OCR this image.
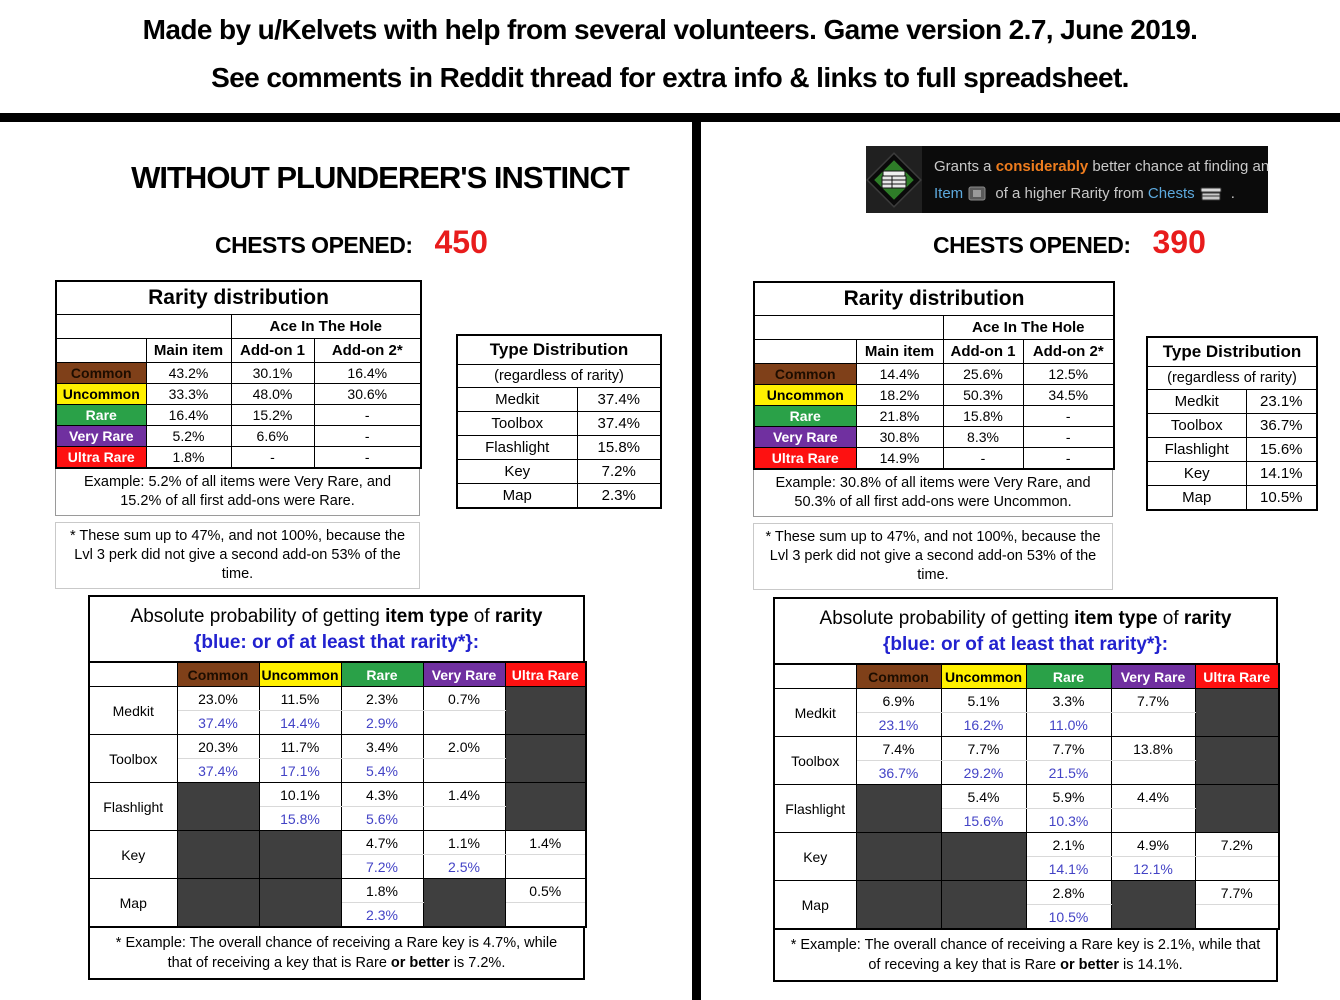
Made by u/Kelvets with help from several volunteers. Game version 2.7, June 2019.
See comments in Reddit thread for extra info & links to full spreadsheet.
WITHOUT PLUNDERER'S INSTINCT
CHESTS OPENED: 450
Rarity distribution			
		Ace In The Hole	
	Main item	Add-on 1	Add-on 2*
Common	43.2%	30.1%	16.4%
Uncommon	33.3%	48.0%	30.6%
Rare	16.4%	15.2%	-
Very Rare	5.2%	6.6%	-
Ultra Rare	1.8%	-	-
Example: 5.2% of all items were Very Rare, and 15.2% of all first add-ons were Rare.
* These sum up to 47%, and not 100%, because the Lvl 3 perk did not give a second add-on 53% of the time.
Type Distribution	
(regardless of rarity)	
Medkit	37.4%
Toolbox	37.4%
Flashlight	15.8%
Key	7.2%
Map	2.3%
Absolute probability of getting item type of rarity
{blue: or of at least that rarity*}:
	Common	Uncommon	Rare	Very Rare	Ultra Rare
Medkit	23.0%	11.5%	2.3%	0.7%	
	37.4%	14.4%	2.9%		
Toolbox	20.3%	11.7%	3.4%	2.0%	
	37.4%	17.1%	5.4%		
Flashlight		10.1%	4.3%	1.4%	
		15.8%	5.6%		
Key			4.7%	1.1%	1.4%
			7.2%	2.5%	
Map			1.8%		0.5%
			2.3%		
* Example: The overall chance of receiving a Rare key is 4.7%, while that of receiving a key that is Rare or better is 7.2%.
Grants a considerably better chance at finding an
Item of a higher Rarity from Chests .
CHESTS OPENED: 390
Rarity distribution			
		Ace In The Hole	
	Main item	Add-on 1	Add-on 2*
Common	14.4%	25.6%	12.5%
Uncommon	18.2%	50.3%	34.5%
Rare	21.8%	15.8%	-
Very Rare	30.8%	8.3%	-
Ultra Rare	14.9%	-	-
Example: 30.8% of all items were Very Rare, and 50.3% of all first add-ons were Uncommon.
* These sum up to 47%, and not 100%, because the Lvl 3 perk did not give a second add-on 53% of the time.
Type Distribution	
(regardless of rarity)	
Medkit	23.1%
Toolbox	36.7%
Flashlight	15.6%
Key	14.1%
Map	10.5%
Absolute probability of getting item type of rarity
{blue: or of at least that rarity*}:
	Common	Uncommon	Rare	Very Rare	Ultra Rare
Medkit	6.9%	5.1%	3.3%	7.7%	
	23.1%	16.2%	11.0%		
Toolbox	7.4%	7.7%	7.7%	13.8%	
	36.7%	29.2%	21.5%		
Flashlight		5.4%	5.9%	4.4%	
		15.6%	10.3%		
Key			2.1%	4.9%	7.2%
			14.1%	12.1%	
Map			2.8%		7.7%
			10.5%		
* Example: The overall chance of receiving a Rare key is 2.1%, while that of receving a key that is Rare or better is 14.1%.
